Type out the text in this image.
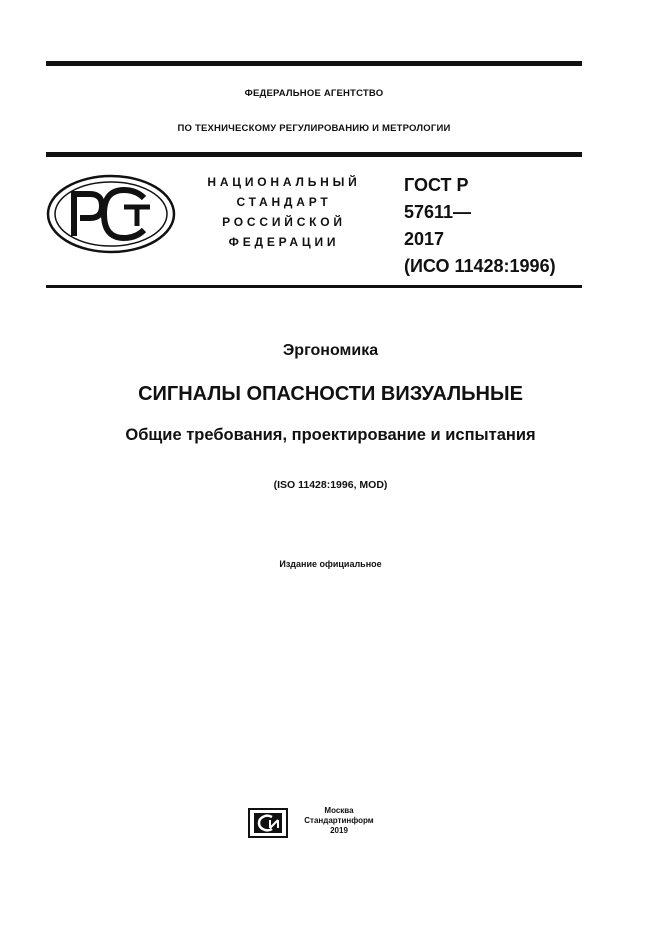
ФЕДЕРАЛЬНОЕ АГЕНТСТВО
ПО ТЕХНИЧЕСКОМУ РЕГУЛИРОВАНИЮ И МЕТРОЛОГИИ
НАЦИОНАЛЬНЫЙ
СТАНДАРТ
РОССИЙСКОЙ
ФЕДЕРАЦИИ
ГОСТ Р
57611—
2017
(ИСО 11428:1996)
Эргономика
СИГНАЛЫ ОПАСНОСТИ ВИЗУАЛЬНЫЕ
Общие требования, проектирование и испытания
(ISO 11428:1996, MOD)
Издание официальное
Москва
Стандартинформ
2019
